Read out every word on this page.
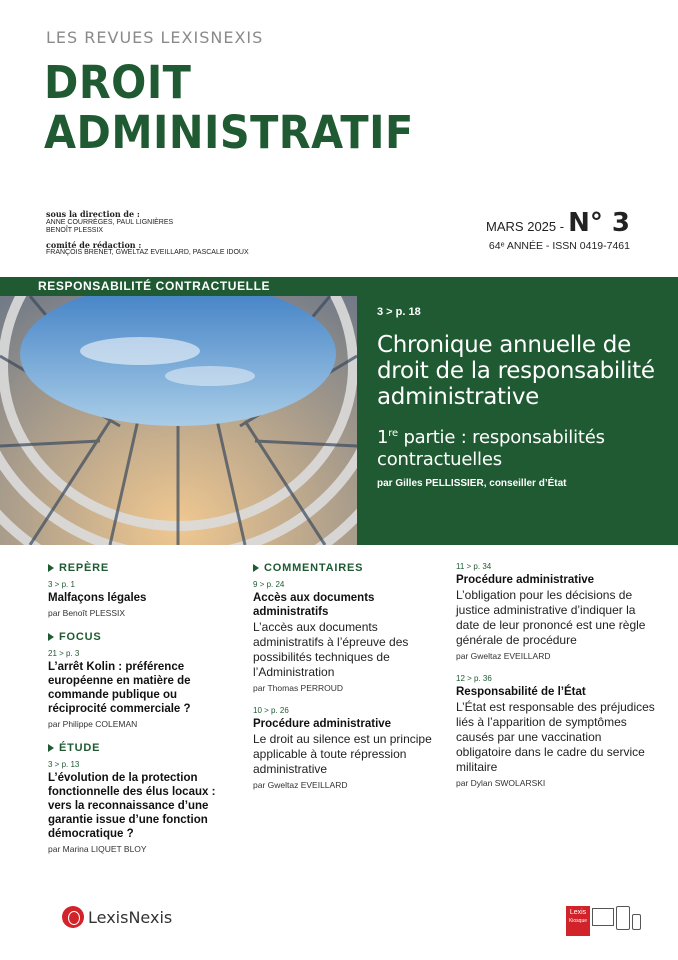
LES REVUES LEXISNEXIS
DROIT
ADMINISTRATIF
sous la direction de :
ANNE COURRÈGES, PAUL LIGNIÈRES
BENOÎT PLESSIX
comité de rédaction :
FRANÇOIS BRENET, GWELTAZ EVEILLARD, PASCALE IDOUX
MARS 2025 - N° 3
64ᵉ ANNÉE - ISSN 0419-7461
RESPONSABILITÉ CONTRACTUELLE
3 > p. 18
Chronique annuelle de droit de la responsabilité administrative
1re partie : responsabilités contractuelles
par Gilles PELLISSIER, conseiller d’État
REPÈRE
3 > p. 1
Malfaçons légales
par Benoît PLESSIX
FOCUS
21 > p. 3
L’arrêt Kolin : préférence européenne en matière de commande publique ou réciprocité commerciale ?
par Philippe COLEMAN
ÉTUDE
3 > p. 13
L’évolution de la protection fonctionnelle des élus locaux : vers la reconnaissance d’une garantie issue d’une fonction démocratique ?
par Marina LIQUET BLOY
COMMENTAIRES
9 > p. 24
Accès aux documents administratifs
L’accès aux documents administratifs à l’épreuve des possibilités techniques de l’Administration
par Thomas PERROUD
10 > p. 26
Procédure administrative
Le droit au silence est un principe applicable à toute répression administrative
par Gweltaz EVEILLARD
11 > p. 34
Procédure administrative
L’obligation pour les décisions de justice administrative d’indiquer la date de leur prononcé est une règle générale de procédure
par Gweltaz EVEILLARD
12 > p. 36
Responsabilité de l’État
L’État est responsable des préjudices liés à l’apparition de symptômes causés par une vaccination obligatoire dans le cadre du service militaire
par Dylan SWOLARSKI
LexisNexis	Lexis
Kiosque
